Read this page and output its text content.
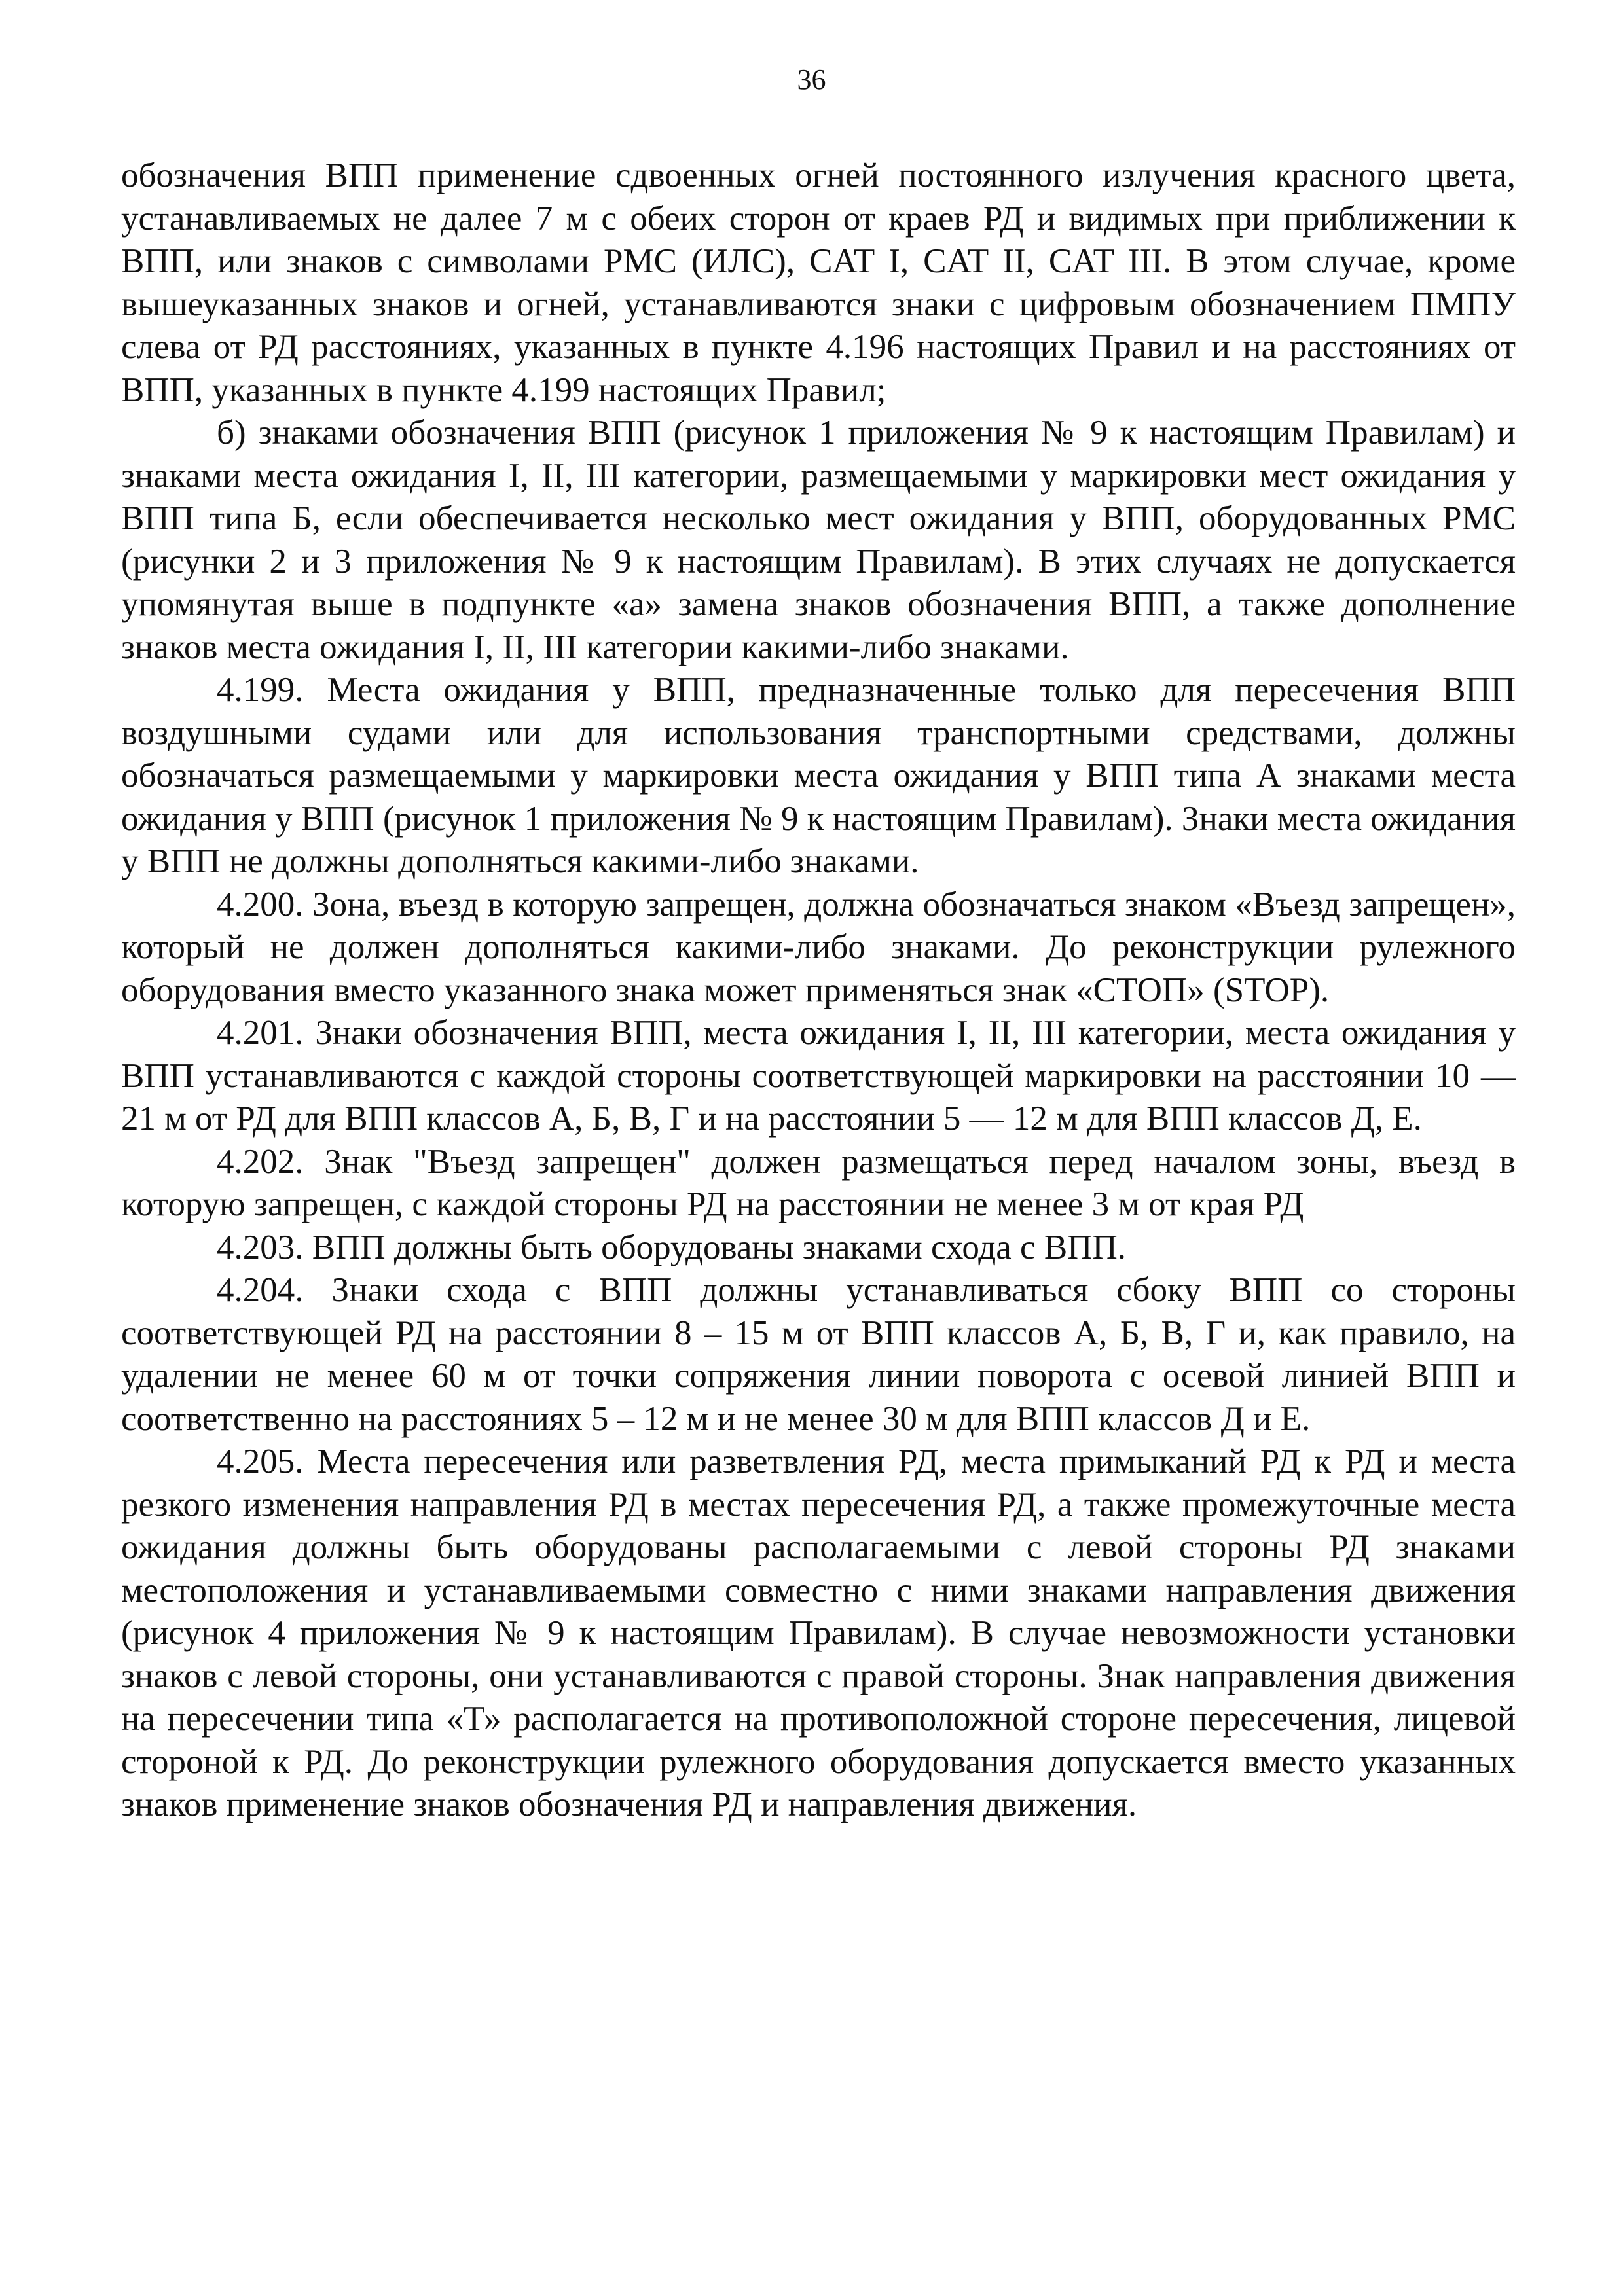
36

обозначения ВПП применение сдвоенных огней постоянного излучения красного цвета, устанавливаемых не далее 7 м с обеих сторон от краев РД и видимых при приближении к ВПП, или знаков с символами РМС (ИЛС), CAT I, CAT II, CAT III. В этом случае, кроме вышеуказанных знаков и огней, устанавливаются знаки с цифровым обозначением ПМПУ слева от РД расстояниях, указанных в пункте 4.196 настоящих Правил и на расстояниях от ВПП, указанных в пункте 4.199 настоящих Правил;

б) знаками обозначения ВПП (рисунок 1 приложения № 9 к настоящим Правилам) и знаками места ожидания I, II, III категории, размещаемыми у маркировки мест ожидания у ВПП типа Б, если обеспечивается несколько мест ожидания у ВПП, оборудованных РМС (рисунки 2 и 3 приложения № 9 к настоящим Правилам). В этих случаях не допускается упомянутая выше в подпункте «а» замена знаков обозначения ВПП, а также дополнение знаков места ожидания I, II, III категории какими-либо знаками.

4.199. Места ожидания у ВПП, предназначенные только для пересечения ВПП воздушными судами или для использования транспортными средствами, должны обозначаться размещаемыми у маркировки места ожидания у ВПП типа А знаками места ожидания у ВПП (рисунок 1 приложения № 9 к настоящим Правилам). Знаки места ожидания у ВПП не должны дополняться какими-либо знаками.

4.200. Зона, въезд в которую запрещен, должна обозначаться знаком «Въезд запрещен», который не должен дополняться какими-либо знаками. До реконструкции рулежного оборудования вместо указанного знака может применяться знак «СТОП» (STOP).

4.201. Знаки обозначения ВПП, места ожидания I, II, III категории, места ожидания у ВПП устанавливаются с каждой стороны соответствующей маркировки на расстоянии 10 — 21 м от РД для ВПП классов А, Б, В, Г и на расстоянии 5 — 12 м для ВПП классов Д, Е.

4.202. Знак "Въезд запрещен" должен размещаться перед началом зоны, въезд в которую запрещен, с каждой стороны РД на расстоянии не менее 3 м от края РД

4.203. ВПП должны быть оборудованы знаками схода с ВПП.

4.204. Знаки схода с ВПП должны устанавливаться сбоку ВПП со стороны соответствующей РД на расстоянии 8 – 15 м от ВПП классов А, Б, В, Г и, как правило, на удалении не менее 60 м от точки сопряжения линии поворота с осевой линией ВПП и соответственно на расстояниях 5 – 12 м и не менее 30 м для ВПП классов Д и Е.

4.205. Места пересечения или разветвления РД, места примыканий РД к РД и места резкого изменения направления РД в местах пересечения РД, а также промежуточные места ожидания должны быть оборудованы располагаемыми с левой стороны РД знаками местоположения и устанавливаемыми совместно с ними знаками направления движения (рисунок 4 приложения № 9 к настоящим Правилам). В случае невозможности установки знаков с левой стороны, они устанавливаются с правой стороны. Знак направления движения на пересечении типа «Т» располагается на противоположной стороне пересечения, лицевой стороной к РД. До реконструкции рулежного оборудования допускается вместо указанных знаков применение знаков обозначения РД и направления движения.
